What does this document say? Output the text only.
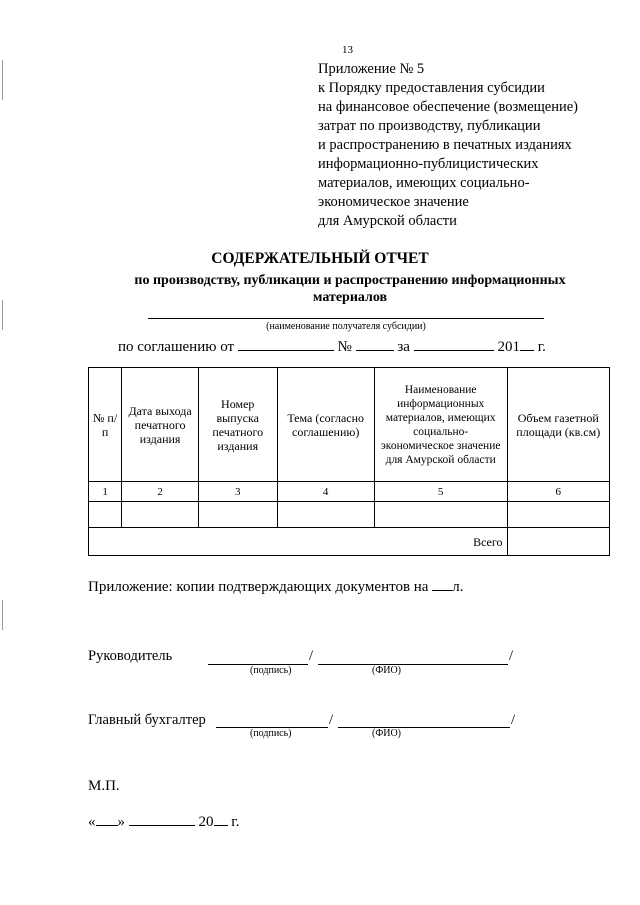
13
Приложение № 5
к Порядку предоставления субсидии
на финансовое обеспечение (возмещение)
затрат по производству, публикации
и распространению в печатных изданиях
информационно-публицистических
материалов, имеющих социально-
экономическое значение
для Амурской области
СОДЕРЖАТЕЛЬНЫЙ ОТЧЕТ
по производству, публикации и распространению информационных материалов
(наименование получателя субсидии)
по соглашению от	№	за	201 г.
№ п/п	Дата выхода печатного издания	Номер выпуска печатного издания	Тема (согласно соглашению)	Наименование информационных материалов, имеющих социально-экономическое значение для Амурской области	Объем газетной площади (кв.см)
1	2	3	4	5	6

Всего					
Приложение: копии подтверждающих документов на л.
Руководитель	/	/
(подпись)	(ФИО)
Главный бухгалтер	/	/
(подпись)	(ФИО)
М.П.
« »	20 г.
